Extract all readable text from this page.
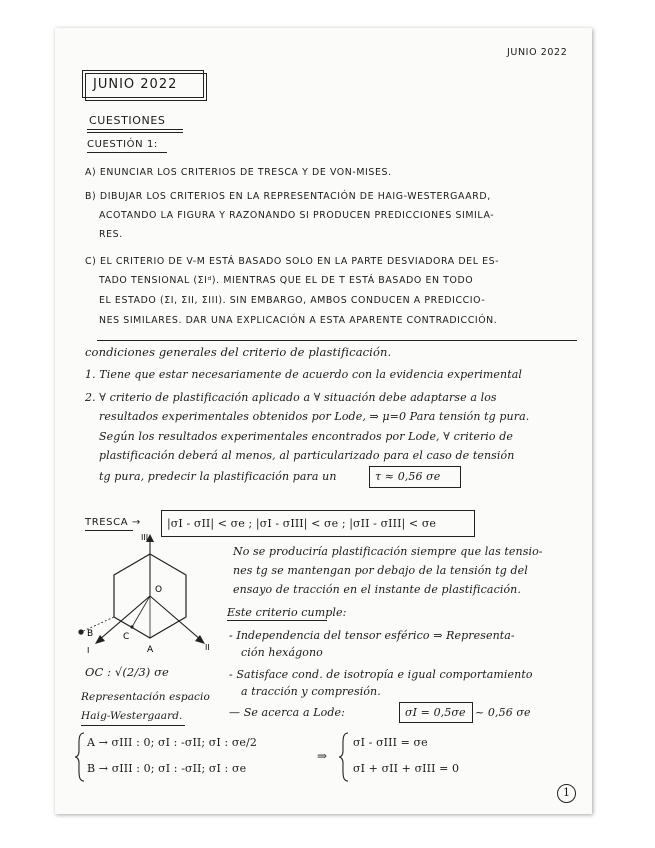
JUNIO 2022
JUNIO 2022
CUESTIONES
CUESTIÓN 1:
A) ENUNCIAR LOS CRITERIOS DE TRESCA Y DE VON-MISES.
B) DIBUJAR LOS CRITERIOS EN LA REPRESENTACIÓN DE HAIG-WESTERGAARD,
ACOTANDO LA FIGURA Y RAZONANDO SI PRODUCEN PREDICCIONES SIMILA-
RES.
C) EL CRITERIO DE V-M ESTÁ BASADO SOLO EN LA PARTE DESVIADORA DEL ES-
TADO TENSIONAL (ΣIᵈ). MIENTRAS QUE EL DE T ESTÁ BASADO EN TODO
EL ESTADO (ΣI, ΣII, ΣIII). SIN EMBARGO, AMBOS CONDUCEN A PREDICCIO-
NES SIMILARES. DAR UNA EXPLICACIÓN A ESTA APARENTE CONTRADICCIÓN.
condiciones generales del criterio de plastificación.
1. Tiene que estar necesariamente de acuerdo con la evidencia experimental
2. ∀ criterio de plastificación aplicado a ∀ situación debe adaptarse a los
resultados experimentales obtenidos por Lode, ⇒ μ=0 Para tensión tg pura.
Según los resultados experimentales encontrados por Lode, ∀ criterio de
plastificación deberá al menos, al particularizado para el caso de tensión
tg pura, predecir la plastificación para un	τ ≈ 0,56 σe
TRESCA → |σI - σII| < σe ; |σI - σIII| < σe ; |σII - σIII| < σe
No se produciría plastificación siempre que las tensio-
nes tg se mantengan por debajo de la tensión tg del
ensayo de tracción en el instante de plastificación.
Este criterio cumple:
- Independencia del tensor esférico ⇒ Representa-
ción hexágono
- Satisface cond. de isotropía e igual comportamiento
a tracción y compresión.
— Se acerca a Lode:	σI = 0,5σe ~ 0,56 σe
III
I	II
O
A
B	C
OC : √(2/3) σe
Representación espacio
Haig-Westergaard.
A → σIII : 0; σI : -σII; σI : σe/2
B → σIII : 0; σI : -σII; σI : σe
⇒
σI - σIII = σe
σI + σII + σIII = 0
1
